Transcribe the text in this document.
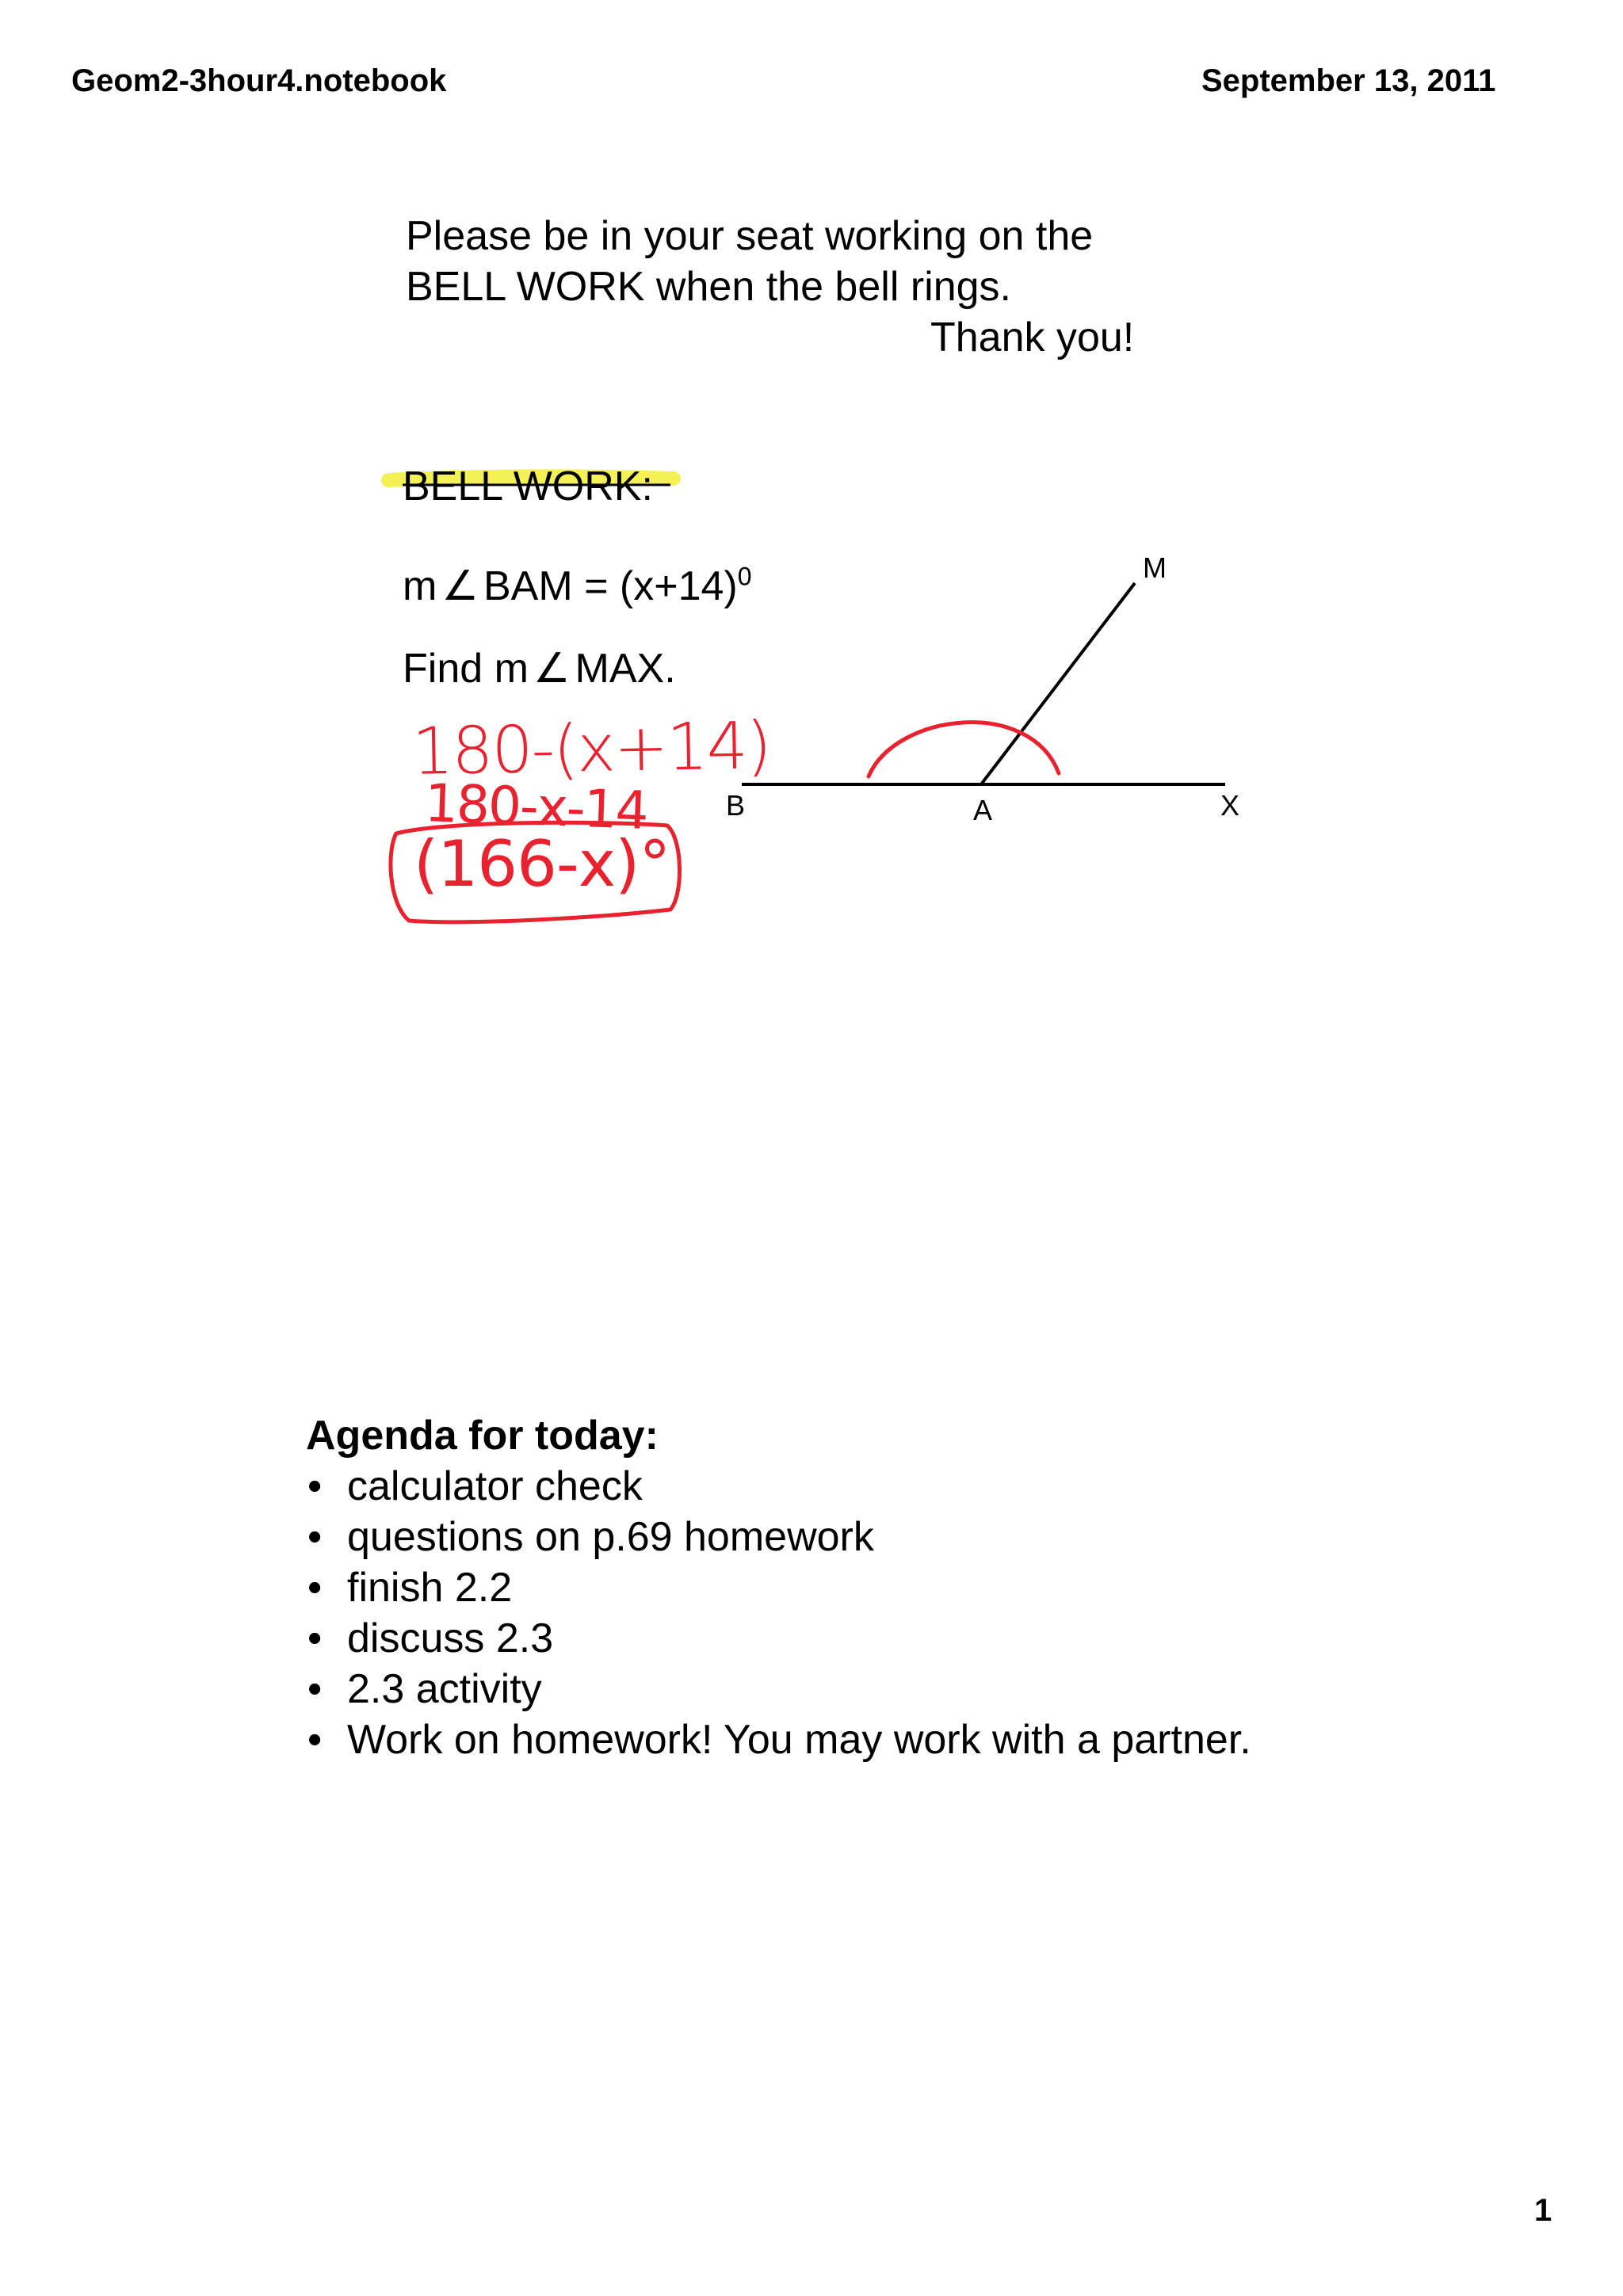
Geom2-3hour4.notebook	September 13, 2011
Please be in your seat working on the
BELL WORK when the bell rings.
Thank you!
BELL WORK:
m ∠ BAM = $(x+14)^0$
Find m ∠ MAX.
B	A	X
M
180-(x+14)
180-x-14
(166-x)°
Agenda for today:
• calculator check
• questions on p.69 homework
• finish 2.2
• discuss 2.3
• 2.3 activity
• Work on homework! You may work with a partner.
1
